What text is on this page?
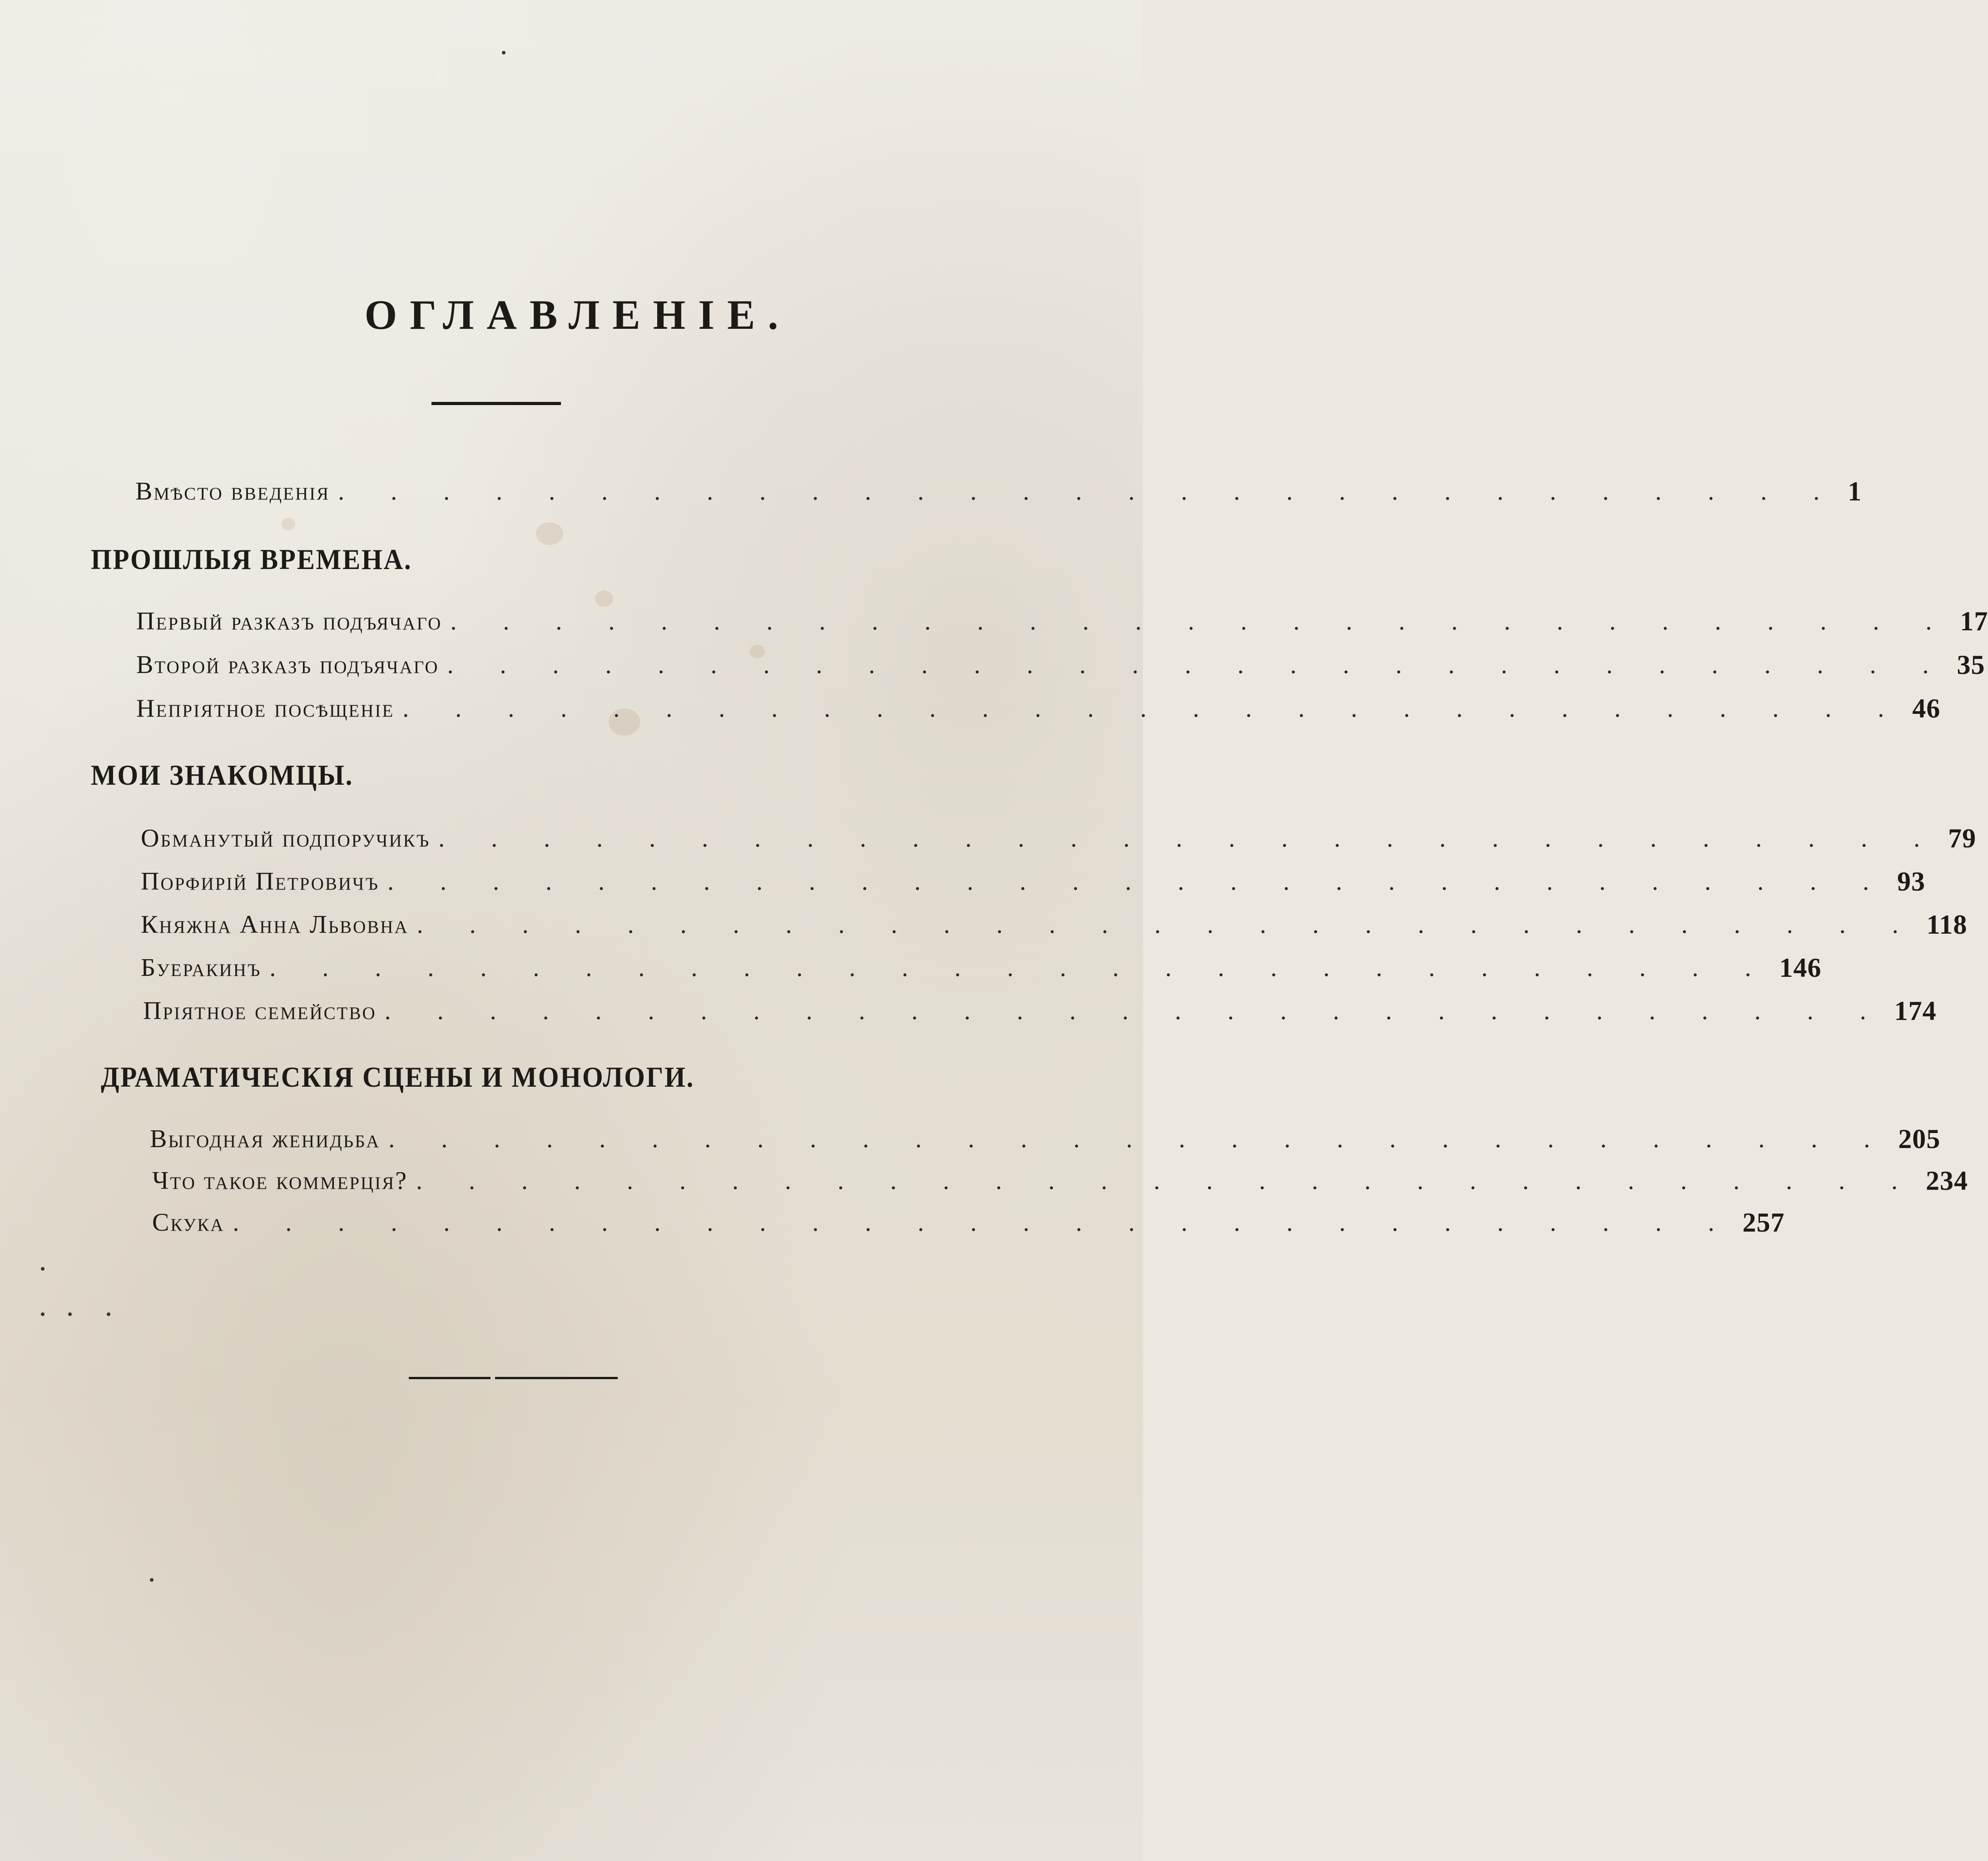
ОГЛАВЛЕНІЕ.
Вмѣсто введенія . . . . . . . . . . . . . . . . . . . . . . . . . . . . . 1
ПРОШЛЫЯ ВРЕМЕНА.
Первый разказъ подъячаго . . . . . . . . . . . . . . . . . . . . . . . . . . . . . 17
Второй разказъ подъячаго . . . . . . . . . . . . . . . . . . . . . . . . . . . . . 35
Непріятное посѣщеніе . . . . . . . . . . . . . . . . . . . . . . . . . . . . . 46
МОИ ЗНАКОМЦЫ.
Обманутый подпоручикъ . . . . . . . . . . . . . . . . . . . . . . . . . . . . . 79
Порфирій Петровичъ . . . . . . . . . . . . . . . . . . . . . . . . . . . . . 93
Княжна Анна Львовна . . . . . . . . . . . . . . . . . . . . . . . . . . . . . 118
Буеракинъ . . . . . . . . . . . . . . . . . . . . . . . . . . . . . 146
Пріятное семейство . . . . . . . . . . . . . . . . . . . . . . . . . . . . . 174
ДРАМАТИЧЕСКІЯ СЦЕНЫ И МОНОЛОГИ.
Выгодная женидьба . . . . . . . . . . . . . . . . . . . . . . . . . . . . . 205
Что такое коммерція? . . . . . . . . . . . . . . . . . . . . . . . . . . . . . 234
Скука . . . . . . . . . . . . . . . . . . . . . . . . . . . . . 257
